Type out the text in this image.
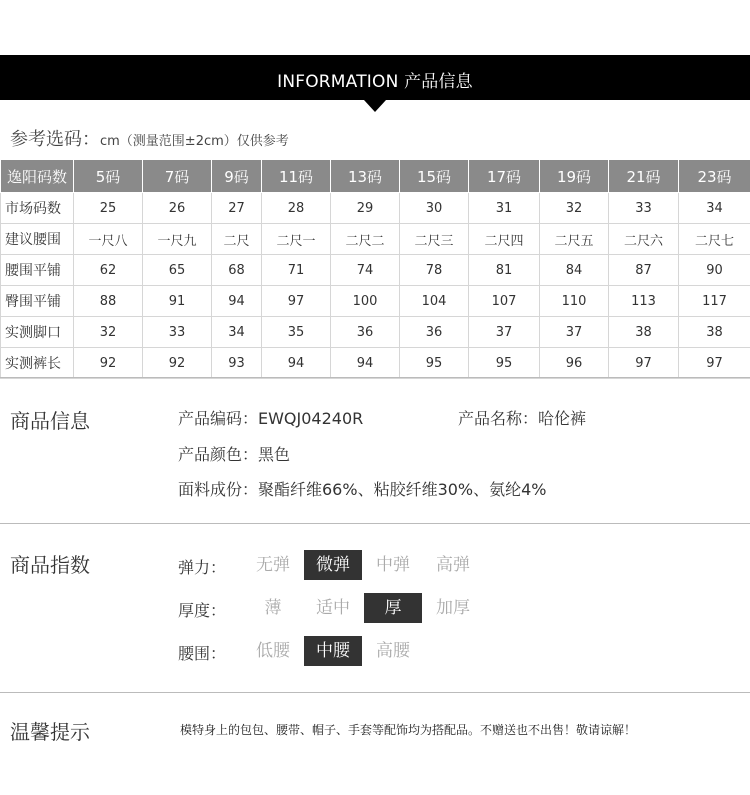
INFORMATION 产品信息
参考选码：cm（测量范围±2cm）仅供参考
逸阳码数	5码	7码	9码	11码	13码	15码	17码	19码	21码	23码
市场码数	25	26	27	28	29	30	31	32	33	34
建议腰围	一尺八	一尺九	二尺	二尺一	二尺二	二尺三	二尺四	二尺五	二尺六	二尺七
腰围平铺	62	65	68	71	74	78	81	84	87	90
臀围平铺	88	91	94	97	100	104	107	110	113	117
实测脚口	32	33	34	35	36	36	37	37	38	38
实测裤长	92	92	93	94	94	95	95	96	97	97
商品信息	产品编码：EWQJ04240R	产品名称：哈伦裤
产品颜色：黑色
面料成份：聚酯纤维66%、粘胶纤维30%、氨纶4%
商品指数	弹力：	无弹	微弹	中弹	高弹
厚度：	薄	适中	厚	加厚
腰围：	低腰	中腰	高腰
温馨提示	模特身上的包包、腰带、帽子、手套等配饰均为搭配品。不赠送也不出售！敬请谅解！
